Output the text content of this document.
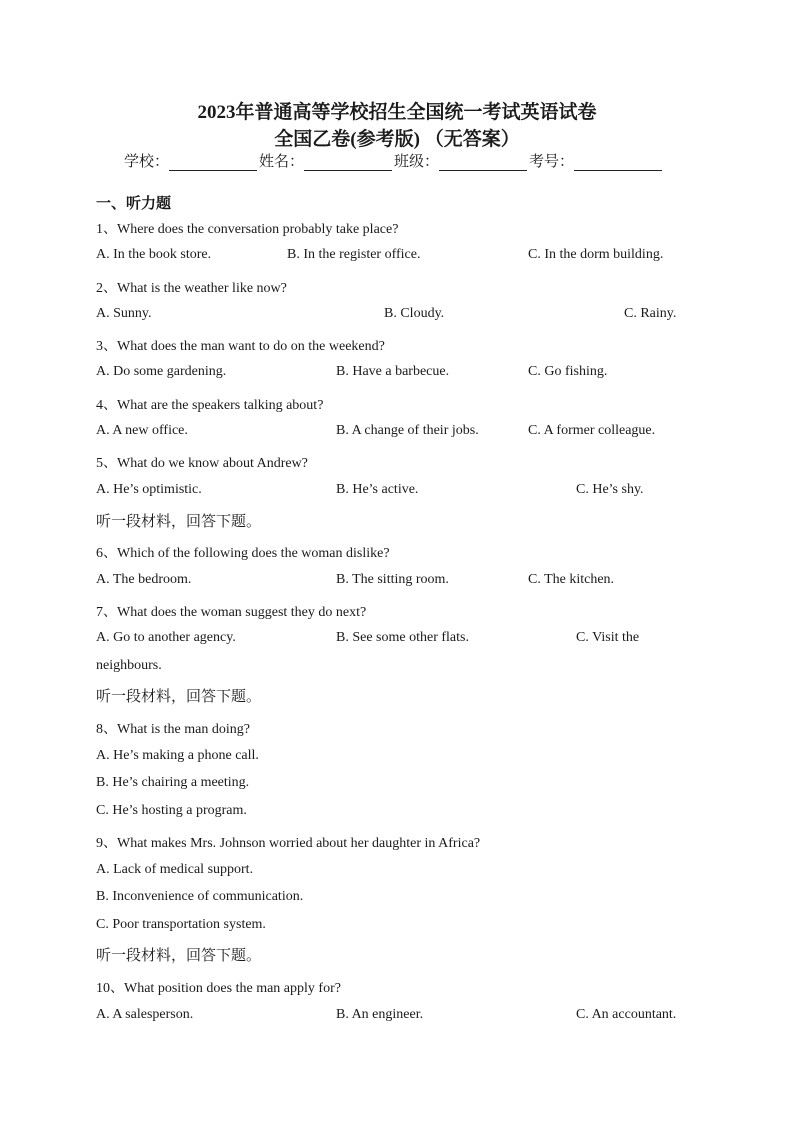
2023年普通高等学校招生全国统一考试英语试卷
全国乙卷(参考版) （无答案）
学校：	姓名：	班级：	考号：
一、听力题
1、Where does the conversation probably take place?
A. In the book store.	B. In the register office.	C. In the dorm building.
2、What is the weather like now?
A. Sunny.	B. Cloudy.	C. Rainy.
3、What does the man want to do on the weekend?
A. Do some gardening.	B. Have a barbecue.	C. Go fishing.
4、What are the speakers talking about?
A. A new office.	B. A change of their jobs.	C. A former colleague.
5、What do we know about Andrew?
A. He’s optimistic.	B. He’s active.	C. He’s shy.
听一段材料，回答下题。
6、Which of the following does the woman dislike?
A. The bedroom.	B. The sitting room.	C. The kitchen.
7、What does the woman suggest they do next?
A. Go to another agency.	B. See some other flats.	C. Visit the
neighbours.
听一段材料，回答下题。
8、What is the man doing?
A. He’s making a phone call.
B. He’s chairing a meeting.
C. He’s hosting a program.
9、What makes Mrs. Johnson worried about her daughter in Africa?
A. Lack of medical support.
B. Inconvenience of communication.
C. Poor transportation system.
听一段材料，回答下题。
10、What position does the man apply for?
A. A salesperson.	B. An engineer.	C. An accountant.
